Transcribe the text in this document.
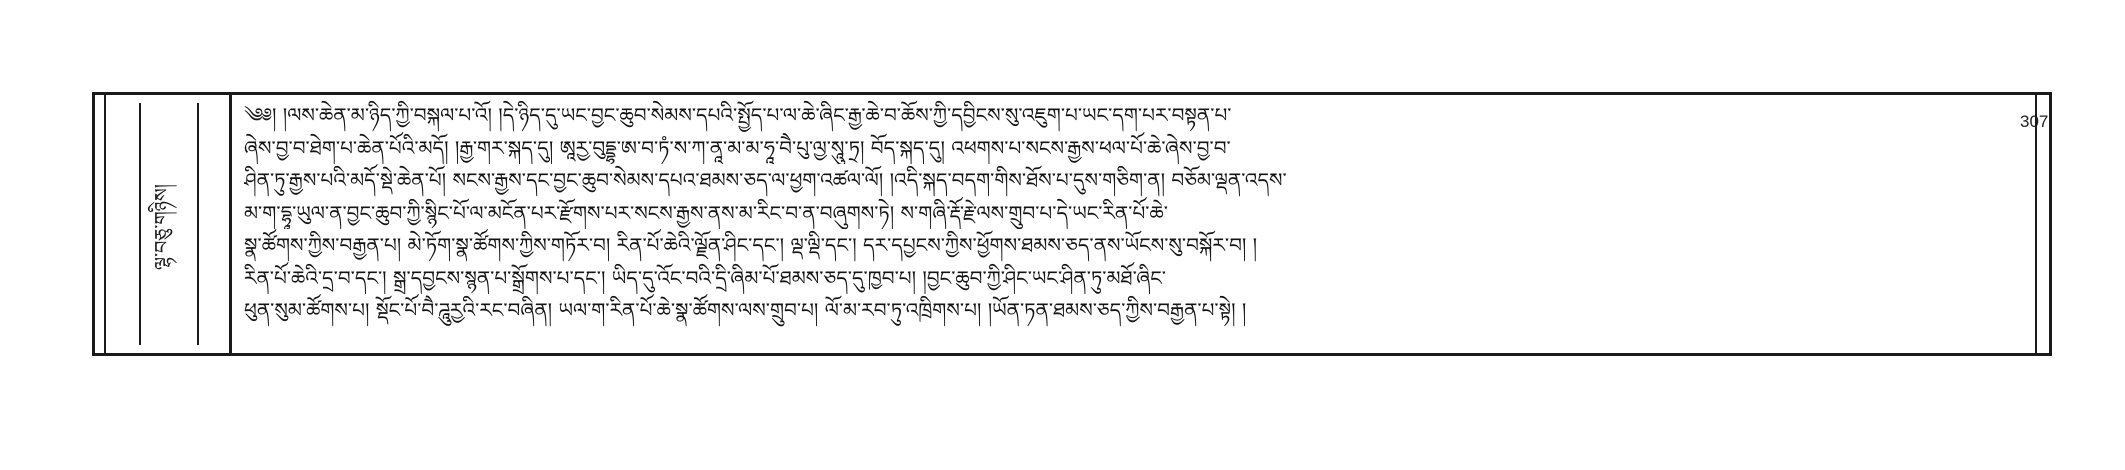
307
ལྷ་བཅུ་གཉིས།
༄༅། །ལས་ཆེན་མ་ཉིད་ཀྱི་བསྐལ་པ་འོ། །དེ་ཉིད་དུ་ཡང་བྱང་ཆུབ་སེམས་དཔའི་སྤྱོད་པ་ལ་ཆེ་ཞིང་རྒྱ་ཆེ་བ་ཆོས་ཀྱི་དབྱིངས་སུ་འཇུག་པ་ཡང་དག་པར་བསྟན་པ་
ཞེས་བྱ་བ་ཐེག་པ་ཆེན་པོའི་མདོ། །རྒྱ་གར་སྐད་དུ། ཨཱརྱ་བུདྡྷ་ཨ་བ་ཏཾ་ས་ཀ་ནཱ་མ་མ་ཧཱ་བཻ་པུ་ལྱ་སཱུ་ཏྲ། བོད་སྐད་དུ། འཕགས་པ་སངས་རྒྱས་ཕལ་པོ་ཆེ་ཞེས་བྱ་བ་
ཤིན་ཏུ་རྒྱས་པའི་མདོ་སྡེ་ཆེན་པོ། སངས་རྒྱས་དང་བྱང་ཆུབ་སེམས་དཔའ་ཐམས་ཅད་ལ་ཕྱག་འཚལ་ལོ། །འདི་སྐད་བདག་གིས་ཐོས་པ་དུས་གཅིག་ན། བཅོམ་ལྡན་འདས་
མ་ག་དྷཱ་ཡུལ་ན་བྱང་ཆུབ་ཀྱི་སྙིང་པོ་ལ་མངོན་པར་རྫོགས་པར་སངས་རྒྱས་ནས་མ་རིང་བ་ན་བཞུགས་ཏེ། ས་གཞི་རྡོ་རྗེ་ལས་གྲུབ་པ་དེ་ཡང་རིན་པོ་ཆེ་
སྣ་ཚོགས་ཀྱིས་བརྒྱན་པ། མེ་ཏོག་སྣ་ཚོགས་ཀྱིས་གཏོར་བ། རིན་པོ་ཆེའི་ལྗོན་ཤིང་དང་། ལྡ་ལྡི་དང་། དར་དཔྱངས་ཀྱིས་ཕྱོགས་ཐམས་ཅད་ནས་ཡོངས་སུ་བསྐོར་བ། །
རིན་པོ་ཆེའི་དྲ་བ་དང་། སྒྲ་དབྱངས་སྙན་པ་སྒྲོགས་པ་དང་། ཡིད་དུ་འོང་བའི་དྲི་ཞིམ་པོ་ཐམས་ཅད་དུ་ཁྱབ་པ། །བྱང་ཆུབ་ཀྱི་ཤིང་ཡང་ཤིན་ཏུ་མཐོ་ཞིང་
ཕུན་སུམ་ཚོགས་པ། སྡོང་པོ་བཻ་ཌཱུརྱའི་རང་བཞིན། ཡལ་ག་རིན་པོ་ཆེ་སྣ་ཚོགས་ལས་གྲུབ་པ། ལོ་མ་རབ་ཏུ་འཁྲིགས་པ། །ཡོན་ཏན་ཐམས་ཅད་ཀྱིས་བརྒྱན་པ་སྟེ། །
